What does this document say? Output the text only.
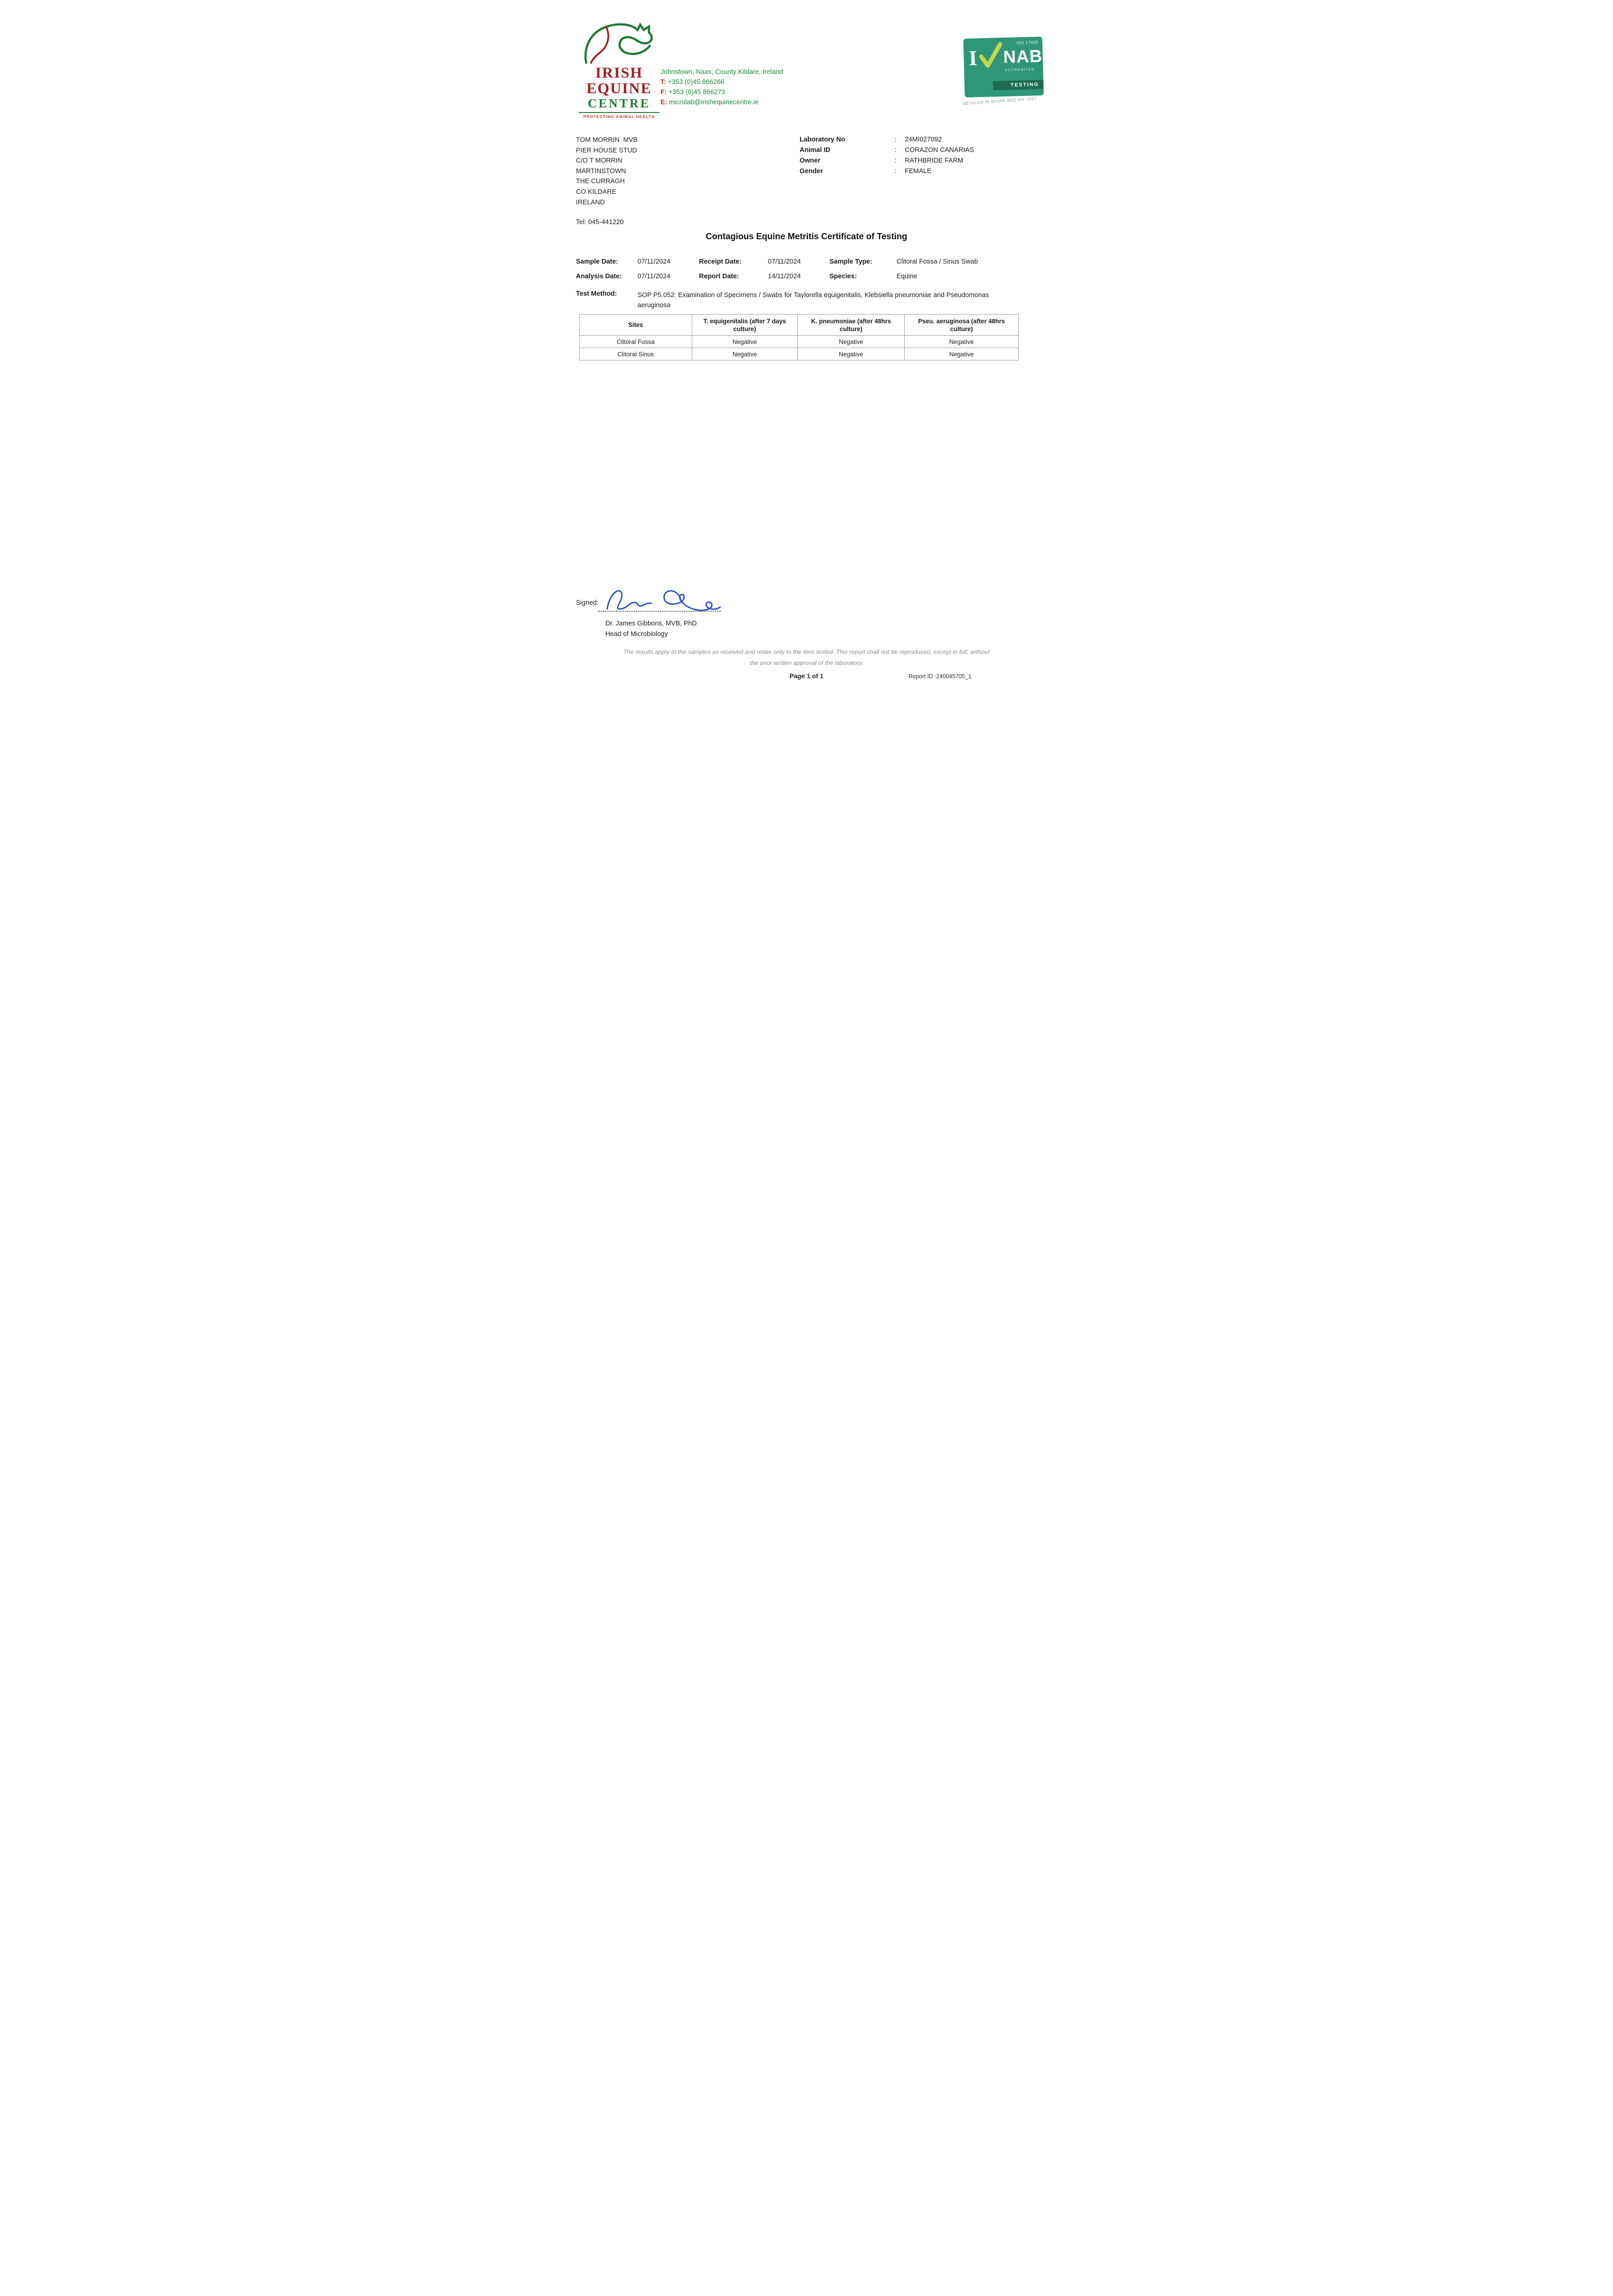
IRISH
EQUINE
CENTRE
PROTECTING ANIMAL HEALTH
Johnstown, Naas, County Kildare, Ireland
T: +353 (0)45 866266
F: +353 (0)45 866273
E: microlab@irishequinecentre.ie
ISO 17025
I NAB
ACCREDITED
TESTING
DETAILED IN SCOPE REG NO. 151T
TOM MORRIN  MVB
PIER HOUSE STUD
C/O T MORRIN
MARTINSTOWN
THE CURRAGH
CO KILDARE
IRELAND
Tel: 045-441220
Laboratory No	:	24MI027092
Animal ID	:	CORAZON CANARIAS
Owner	:	RATHBRIDE FARM
Gender	:	FEMALE
Contagious Equine Metritis Certificate of Testing
Sample Date:	07/11/2024	Receipt Date:	07/11/2024	Sample Type:	Clitoral Fossa / Sinus Swab
Analysis Date: 07/11/2024	Report Date:	14/11/2024	Species:	Equine
Test Method:	SOP P5.052: Examination of Specimens / Swabs for Taylorella equigenitalis, Klebsiella pneumoniae and Pseudomonas aeruginosa
Sites	T. equigenitalis (after 7 days culture)	K. pneumoniae (after 48hrs culture)	Pseu. aeruginosa (after 48hrs culture)
Clitoral Fossa	Negative	Negative	Negative
Clitoral Sinus	Negative	Negative	Negative
Signed:
Dr. James Gibbons, MVB, PhD
Head of Microbiology
The results apply to the samples as received and relate only to the item tested. This report shall not be reproduced, except in full, without
the prior written approval of the laboratory.
Page 1 of 1	Report ID :240045705_1
